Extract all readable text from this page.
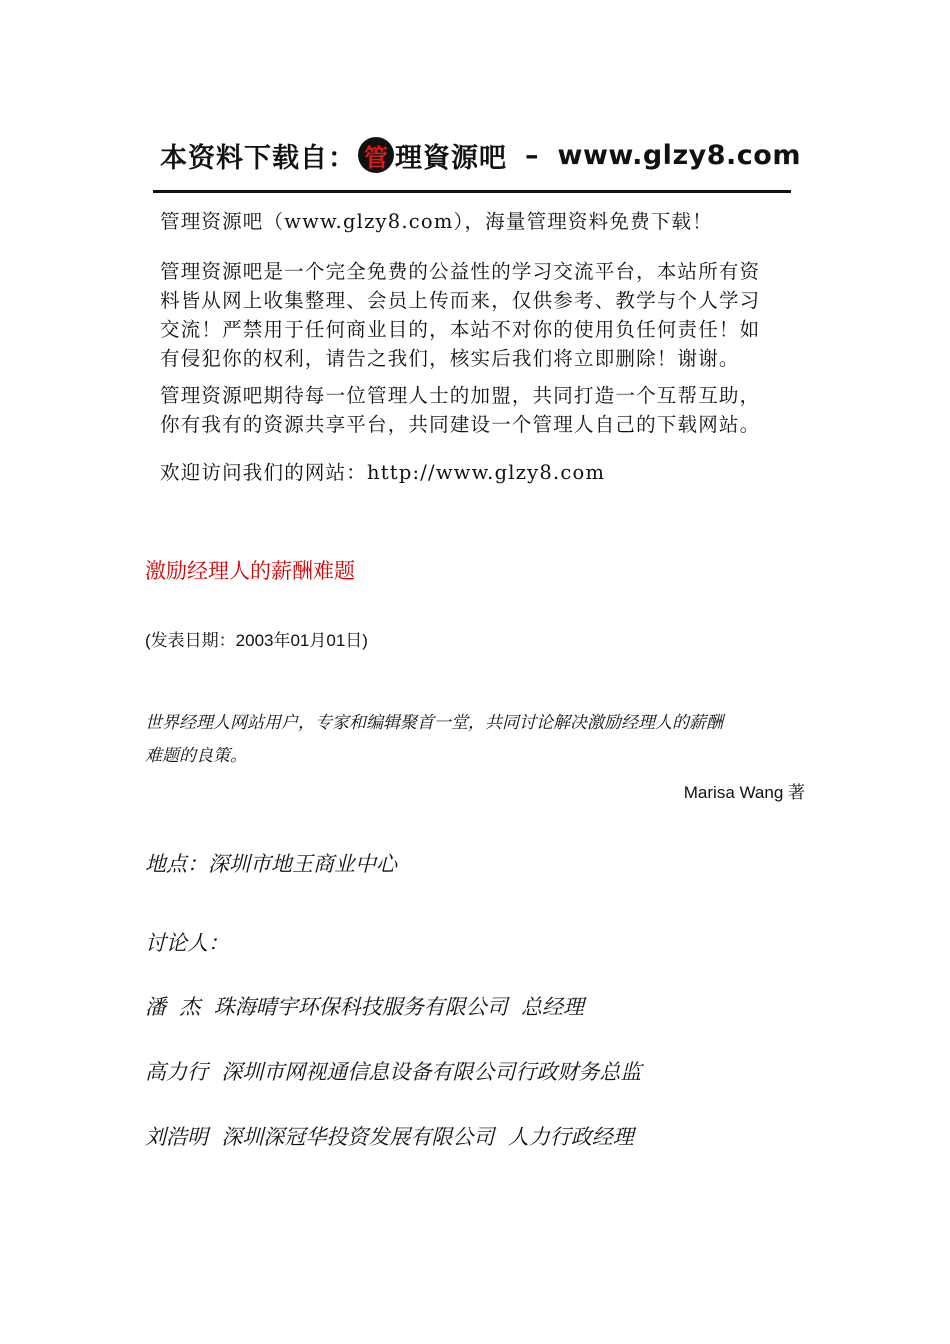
本资料下载自： 管 理資源吧 – www.glzy8.com

管理资源吧（www.glzy8.com），海量管理资料免费下载！

管理资源吧是一个完全免费的公益性的学习交流平台，本站所有资
料皆从网上收集整理、会员上传而来，仅供参考、教学与个人学习
交流！严禁用于任何商业目的，本站不对你的使用负任何责任！如
有侵犯你的权利，请告之我们，核实后我们将立即删除！谢谢。

管理资源吧期待每一位管理人士的加盟，共同打造一个互帮互助，
你有我有的资源共享平台，共同建设一个管理人自己的下载网站。

欢迎访问我们的网站：http://www.glzy8.com

激励经理人的薪酬难题

(发表日期：2003年01月01日)

世界经理人网站用户，专家和编辑聚首一堂，共同讨论解决激励经理人的薪酬
难题的良策。

Marisa Wang 著

地点：深圳市地王商业中心

讨论人：

潘  杰  珠海晴宇环保科技服务有限公司  总经理

高力行  深圳市网视通信息设备有限公司行政财务总监

刘浩明  深圳深冠华投资发展有限公司  人力行政经理
